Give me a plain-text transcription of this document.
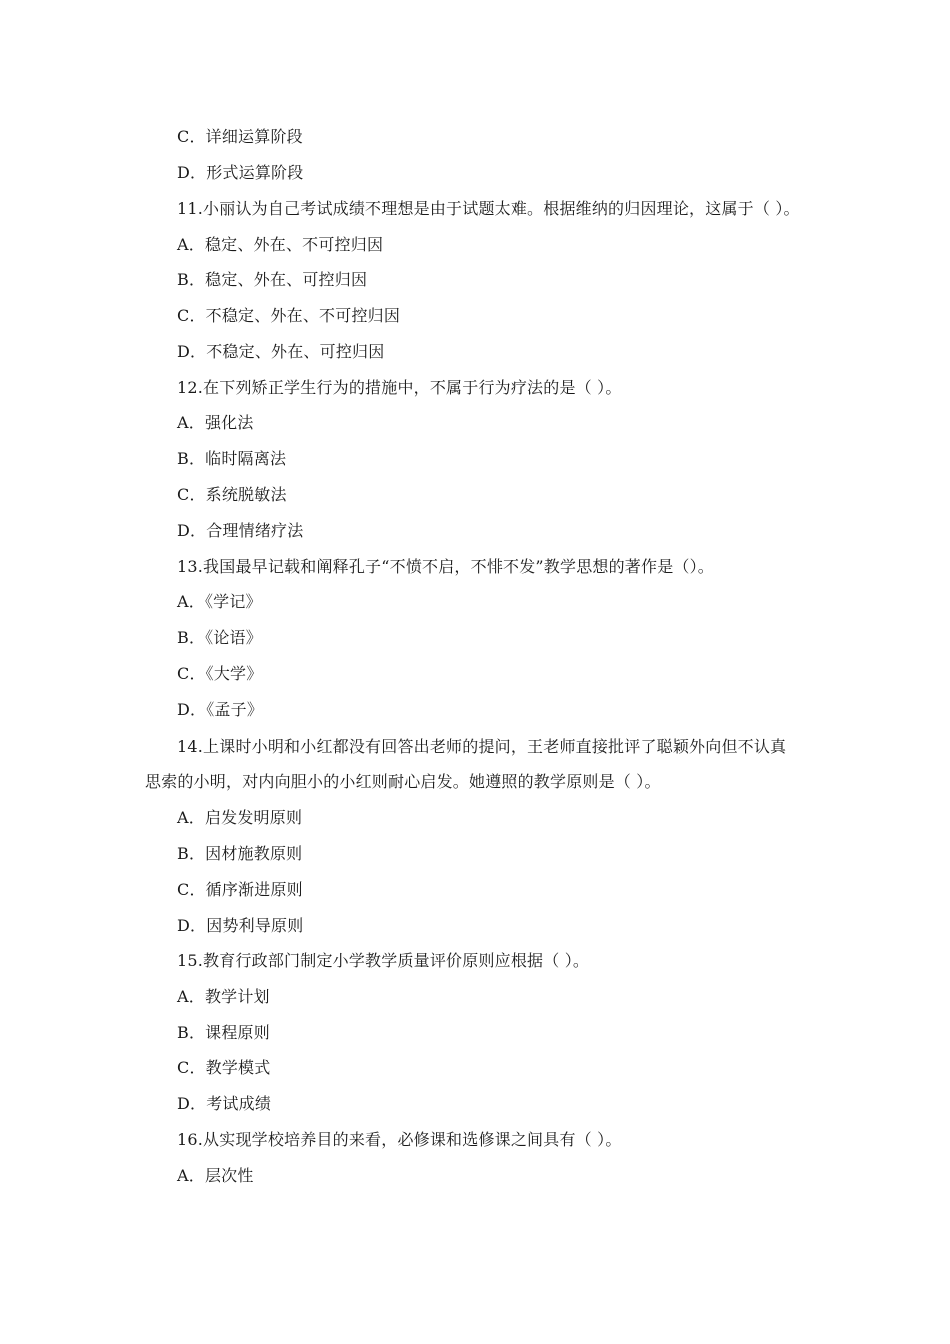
C．详细运算阶段
D．形式运算阶段
11.小丽认为自己考试成绩不理想是由于试题太难。根据维纳的归因理论，这属于（ ）。
A．稳定、外在、不可控归因
B．稳定、外在、可控归因
C．不稳定、外在、不可控归因
D．不稳定、外在、可控归因
12.在下列矫正学生行为的措施中，不属于行为疗法的是（ ）。
A．强化法
B．临时隔离法
C．系统脱敏法
D．合理情绪疗法
13.我国最早记载和阐释孔子“不愤不启，不悱不发”教学思想的著作是（）。
A．《学记》
B．《论语》
C．《大学》
D．《孟子》
14.上课时小明和小红都没有回答出老师的提问，王老师直接批评了聪颖外向但不认真
思索的小明，对内向胆小的小红则耐心启发。她遵照的教学原则是（ ）。
A．启发发明原则
B．因材施教原则
C．循序渐进原则
D．因势利导原则
15.教育行政部门制定小学教学质量评价原则应根据（ ）。
A．教学计划
B．课程原则
C．教学模式
D．考试成绩
16.从实现学校培养目的来看，必修课和选修课之间具有（ ）。
A．层次性
